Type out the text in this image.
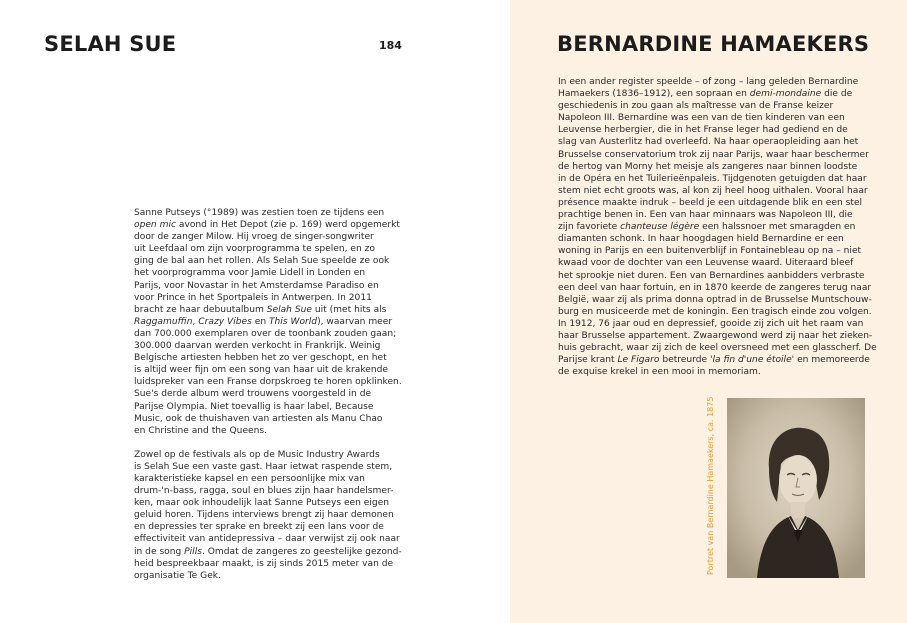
SELAH SUE	184

Sanne Putseys (°1989) was zestien toen ze tijdens een
open mic avond in Het Depot (zie p. 169) werd opgemerkt
door de zanger Milow. Hij vroeg de singer-songwriter
uit Leefdaal om zijn voorprogramma te spelen, en zo
ging de bal aan het rollen. Als Selah Sue speelde ze ook
het voorprogramma voor Jamie Lidell in Londen en
Parijs, voor Novastar in het Amsterdamse Paradiso en
voor Prince in het Sportpaleis in Antwerpen. In 2011
bracht ze haar debuutalbum Selah Sue uit (met hits als
Raggamuffin, Crazy Vibes en This World), waarvan meer
dan 700.000 exemplaren over de toonbank zouden gaan;
300.000 daarvan werden verkocht in Frankrijk. Weinig
Belgische artiesten hebben het zo ver geschopt, en het
is altijd weer fijn om een song van haar uit de krakende
luidspreker van een Franse dorpskroeg te horen opklinken.
Sue's derde album werd trouwens voorgesteld in de
Parijse Olympia. Niet toevallig is haar label, Because
Music, ook de thuishaven van artiesten als Manu Chao
en Christine and the Queens.

Zowel op de festivals als op de Music Industry Awards
is Selah Sue een vaste gast. Haar ietwat raspende stem,
karakteristieke kapsel en een persoonlijke mix van
drum-'n-bass, ragga, soul en blues zijn haar handelsmer-
ken, maar ook inhoudelijk laat Sanne Putseys een eigen
geluid horen. Tijdens interviews brengt zij haar demonen
en depressies ter sprake en breekt zij een lans voor de
effectiviteit van antidepressiva – daar verwijst zij ook naar
in de song Pills. Omdat de zangeres zo geestelijke gezond-
heid bespreekbaar maakt, is zij sinds 2015 meter van de
organisatie Te Gek.

BERNARDINE HAMAEKERS

In een ander register speelde – of zong – lang geleden Bernardine
Hamaekers (1836–1912), een sopraan en demi-mondaine die de
geschiedenis in zou gaan als maîtresse van de Franse keizer
Napoleon III. Bernardine was een van de tien kinderen van een
Leuvense herbergier, die in het Franse leger had gediend en de
slag van Austerlitz had overleefd. Na haar operaopleiding aan het
Brusselse conservatorium trok zij naar Parijs, waar haar beschermer
de hertog van Morny het meisje als zangeres naar binnen loodste
in de Opéra en het Tuilerieënpaleis. Tijdgenoten getuigden dat haar
stem niet echt groots was, al kon zij heel hoog uithalen. Vooral haar
présence maakte indruk – beeld je een uitdagende blik en een stel
prachtige benen in. Een van haar minnaars was Napoleon III, die
zijn favoriete chanteuse légère een halssnoer met smaragden en
diamanten schonk. In haar hoogdagen hield Bernardine er een
woning in Parijs en een buitenverblijf in Fontainebleau op na – niet
kwaad voor de dochter van een Leuvense waard. Uiteraard bleef
het sprookje niet duren. Een van Bernardines aanbidders verbraste
een deel van haar fortuin, en in 1870 keerde de zangeres terug naar
België, waar zij als prima donna optrad in de Brusselse Muntschouw-
burg en musiceerde met de koningin. Een tragisch einde zou volgen.
In 1912, 76 jaar oud en depressief, gooide zij zich uit het raam van
haar Brusselse appartement. Zwaargewond werd zij naar het zieken-
huis gebracht, waar zij zich de keel oversneed met een glasscherf. De
Parijse krant Le Figaro betreurde 'la fin d'une étoile' en memoreerde
de exquise krekel in een mooi in memoriam.

Portret van Bernardine Hamaekers, ca. 1875
